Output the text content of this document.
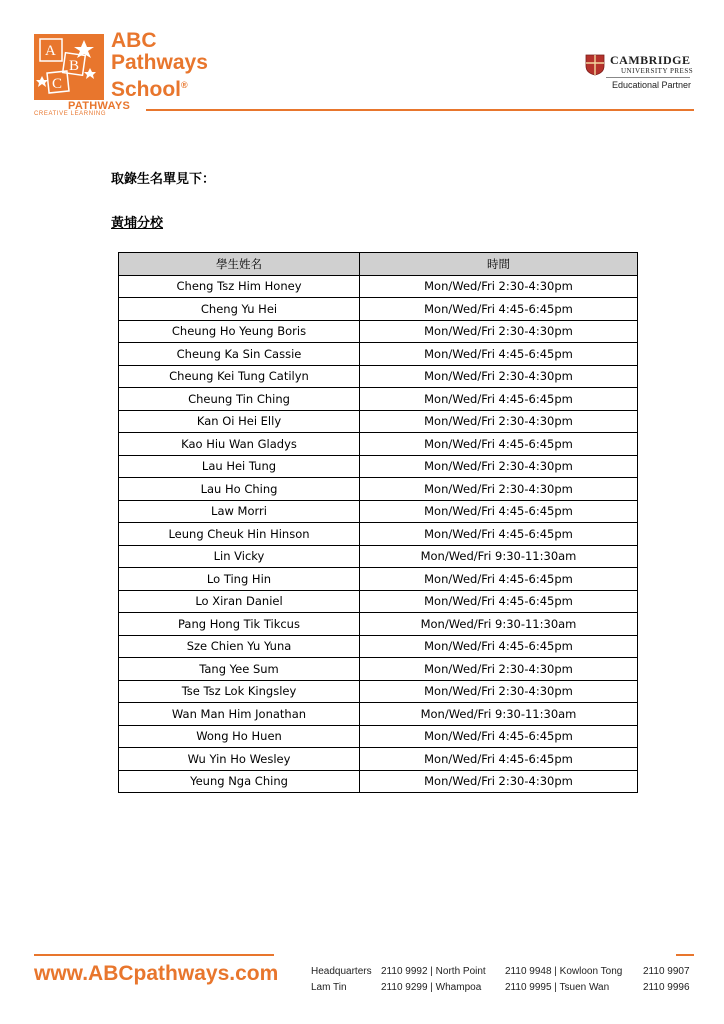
A
B
C
ABC
Pathways
School®
PATHWAYS
CREATIVE LEARNING
CAMBRIDGE
UNIVERSITY PRESS
Educational Partner
取錄生名單見下：
黃埔分校
學生姓名	時間
Cheng Tsz Him Honey	Mon/Wed/Fri 2:30-4:30pm
Cheng Yu Hei	Mon/Wed/Fri 4:45-6:45pm
Cheung Ho Yeung Boris	Mon/Wed/Fri 2:30-4:30pm
Cheung Ka Sin Cassie	Mon/Wed/Fri 4:45-6:45pm
Cheung Kei Tung Catilyn	Mon/Wed/Fri 2:30-4:30pm
Cheung Tin Ching	Mon/Wed/Fri 4:45-6:45pm
Kan Oi Hei Elly	Mon/Wed/Fri 2:30-4:30pm
Kao Hiu Wan Gladys	Mon/Wed/Fri 4:45-6:45pm
Lau Hei Tung	Mon/Wed/Fri 2:30-4:30pm
Lau Ho Ching	Mon/Wed/Fri 2:30-4:30pm
Law Morri	Mon/Wed/Fri 4:45-6:45pm
Leung Cheuk Hin Hinson	Mon/Wed/Fri 4:45-6:45pm
Lin Vicky	Mon/Wed/Fri 9:30-11:30am
Lo Ting Hin	Mon/Wed/Fri 4:45-6:45pm
Lo Xiran Daniel	Mon/Wed/Fri 4:45-6:45pm
Pang Hong Tik Tikcus	Mon/Wed/Fri 9:30-11:30am
Sze Chien Yu Yuna	Mon/Wed/Fri 4:45-6:45pm
Tang Yee Sum	Mon/Wed/Fri 2:30-4:30pm
Tse Tsz Lok Kingsley	Mon/Wed/Fri 2:30-4:30pm
Wan Man Him Jonathan	Mon/Wed/Fri 9:30-11:30am
Wong Ho Huen	Mon/Wed/Fri 4:45-6:45pm
Wu Yin Ho Wesley	Mon/Wed/Fri 4:45-6:45pm
Yeung Nga Ching	Mon/Wed/Fri 2:30-4:30pm
www.ABCpathways.com	Headquarters 2110 9992 | North Point 2110 9948 | Kowloon Tong 2110 9907
Lam Tin	2110 9299 | Whampoa 2110 9995 | Tsuen Wan	2110 9996
